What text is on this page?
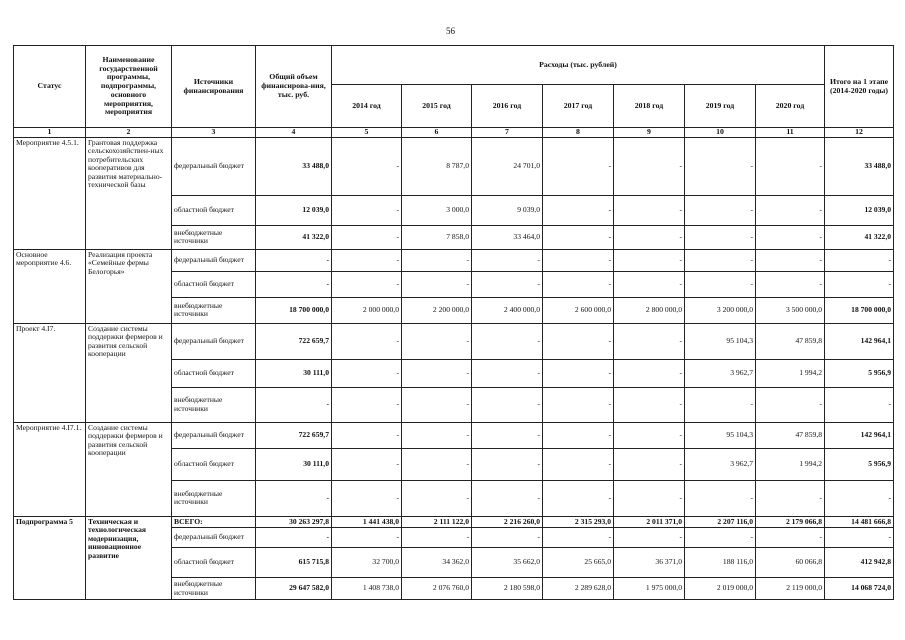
56
Статус	Наименование государственной программы, подпрограммы, основного мероприятия, мероприятия	Источники финансирования	Общий объем финансирова-ния, тыс. руб.	Расходы (тыс. рублей)							Итого на 1 этапе (2014-2020 годы)
				2014 год	2015 год	2016 год	2017 год	2018 год	2019 год	2020 год	
1	2	3	4	5	6	7	8	9	10	11	12
Мероприятие 4.5.1.	Грантовая поддержка сельскохозяйствен-ных потребительских кооперативов для развития материально-технической базы	федеральный бюджет	33 488,0	-	8 787,0	24 701,0	-	-	-	-	33 488,0
		областной бюджет	12 039,0	-	3 000,0	9 039,0	-	-	-	-	12 039,0
		внебюджетные источники	41 322,0	-	7 858,0	33 464,0	-	-	-	-	41 322,0
Основное мероприятие 4.6.	Реализация проекта «Семейные фермы Белогорья»	федеральный бюджет	-	-	-	-	-	-	-	-	-
		областной бюджет	-	-	-	-	-	-	-	-	-
		внебюджетные источники	18 700 000,0	2 000 000,0	2 200 000,0	2 400 000,0	2 600 000,0	2 800 000,0	3 200 000,0	3 500 000,0	18 700 000,0
Проект 4.I7.	Создание системы поддержки фермеров и развития сельской кооперации	федеральный бюджет	722 659,7	-	-	-	-	-	95 104,3	47 859,8	142 964,1
		областной бюджет	30 111,0	-	-	-	-	-	3 962,7	1 994,2	5 956,9
		внебюджетные источники	-	-	-	-	-	-	-	-	-
Мероприятие 4.I7.1.	Создание системы поддержки фермеров и развития сельской кооперации	федеральный бюджет	722 659,7	-	-	-	-	-	95 104,3	47 859,8	142 964,1
		областной бюджет	30 111,0	-	-	-	-	-	3 962,7	1 994,2	5 956,9
		внебюджетные источники	-	-	-	-	-	-	-	-	-
Подпрограмма 5	Техническая и технологическая модернизация, инновационное развитие	ВСЕГО:	30 263 297,8	1 441 438,0	2 111 122,0	2 216 260,0	2 315 293,0	2 011 371,0	2 207 116,0	2 179 066,8	14 481 666,8
		федеральный бюджет	-	-	-	-	-	-	-	-	-
		областной бюджет	615 715,8	32 700,0	34 362,0	35 662,0	25 665,0	36 371,0	188 116,0	60 066,8	412 942,8
		внебюджетные источники	29 647 582,0	1 408 738,0	2 076 760,0	2 180 598,0	2 289 628,0	1 975 000,0	2 019 000,0	2 119 000,0	14 068 724,0
